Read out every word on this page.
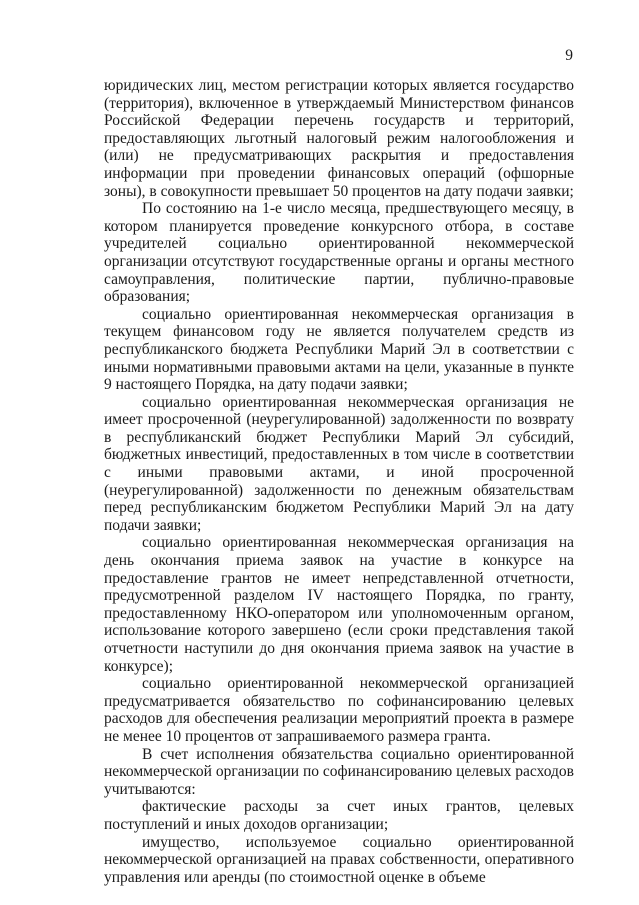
9

юридических лиц, местом регистрации которых является государство (территория), включенное в утверждаемый Министерством финансов Российской Федерации перечень государств и территорий, предоставляющих льготный налоговый режим налогообложения и (или) не предусматривающих раскрытия и предоставления информации при проведении финансовых операций (офшорные зоны), в совокупности превышает 50 процентов на дату подачи заявки;

По состоянию на 1-е число месяца, предшествующего месяцу, в котором планируется проведение конкурсного отбора, в составе учредителей социально ориентированной некоммерческой организации отсутствуют государственные органы и органы местного самоуправления, политические партии, публично-правовые образования;

социально ориентированная некоммерческая организация в текущем финансовом году не является получателем средств из республиканского бюджета Республики Марий Эл в соответствии с иными нормативными правовыми актами на цели, указанные в пункте 9 настоящего Порядка, на дату подачи заявки;

социально ориентированная некоммерческая организация не имеет просроченной (неурегулированной) задолженности по возврату в республиканский бюджет Республики Марий Эл субсидий, бюджетных инвестиций, предоставленных в том числе в соответствии с иными правовыми актами, и иной просроченной (неурегулированной) задолженности по денежным обязательствам перед республиканским бюджетом Республики Марий Эл на дату подачи заявки;

социально ориентированная некоммерческая организация на день окончания приема заявок на участие в конкурсе на предоставление грантов не имеет непредставленной отчетности, предусмотренной разделом IV настоящего Порядка, по гранту, предоставленному НКО-оператором или уполномоченным органом, использование которого завершено (если сроки представления такой отчетности наступили до дня окончания приема заявок на участие в конкурсе);

социально ориентированной некоммерческой организацией предусматривается обязательство по софинансированию целевых расходов для обеспечения реализации мероприятий проекта в размере не менее 10 процентов от запрашиваемого размера гранта.

В счет исполнения обязательства социально ориентированной некоммерческой организации по софинансированию целевых расходов учитываются:

фактические расходы за счет иных грантов, целевых поступлений и иных доходов организации;

имущество, используемое социально ориентированной некоммерческой организацией на правах собственности, оперативного управления или аренды (по стоимостной оценке в объеме
